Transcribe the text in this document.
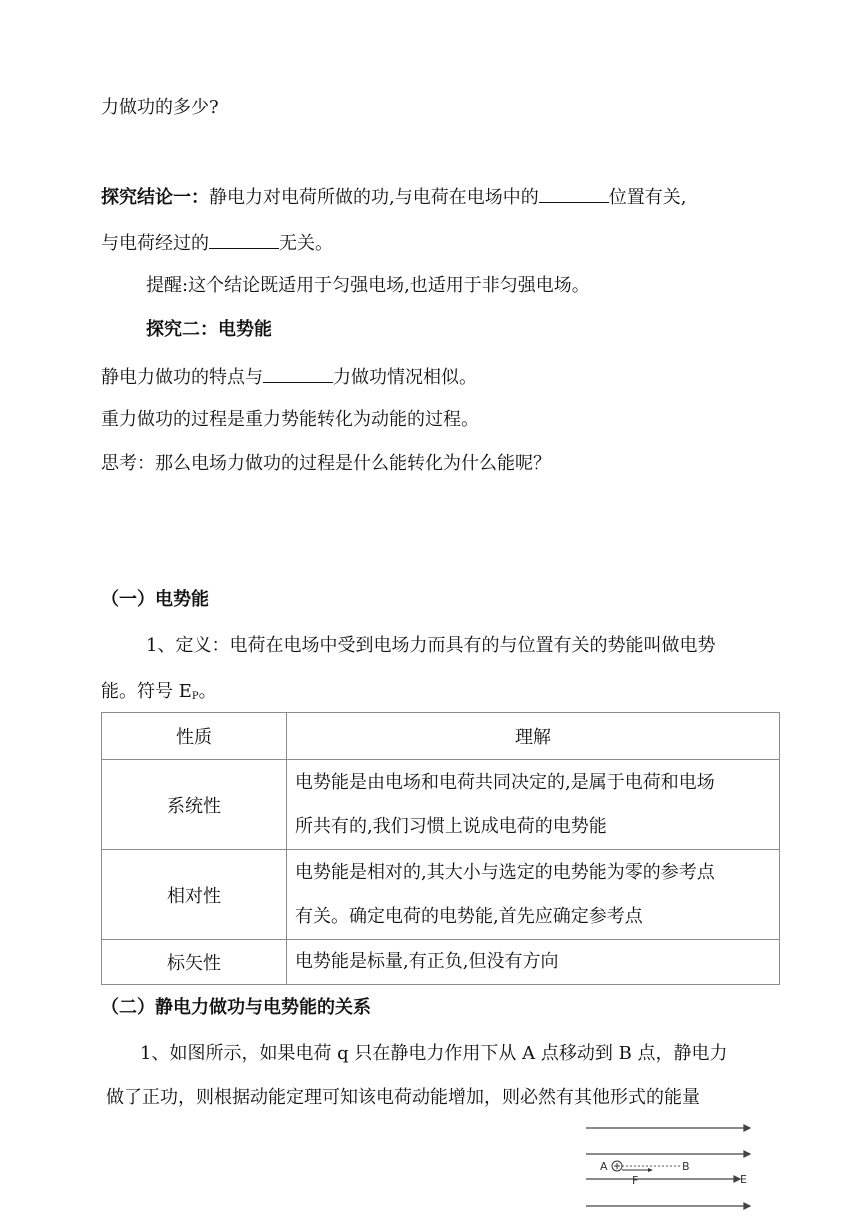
力做功的多少?
探究结论一：静电力对电荷所做的功,与电荷在电场中的	位置有关,
与电荷经过的	无关。
提醒:这个结论既适用于匀强电场,也适用于非匀强电场。
探究二：电势能
静电力做功的特点与	力做功情况相似。
重力做功的过程是重力势能转化为动能的过程。
思考：那么电场力做功的过程是什么能转化为什么能呢？
（一）电势能
1、定义：电荷在电场中受到电场力而具有的与位置有关的势能叫做电势
能。符号 $E_P$。
性质	理解
系统性	电势能是由电场和电荷共同决定的,是属于电荷和电场
所共有的,我们习惯上说成电荷的电势能

相对性	电势能是相对的,其大小与选定的电势能为零的参考点
有关。确定电荷的电势能,首先应确定参考点

标矢性	电势能是标量,有正负,但没有方向
（二）静电力做功与电势能的关系
1、如图所示，如果电荷 q 只在静电力作用下从 A 点移动到 B 点，静电力
做了正功，则根据动能定理可知该电荷动能增加，则必然有其他形式的能量
A	B
F	E
